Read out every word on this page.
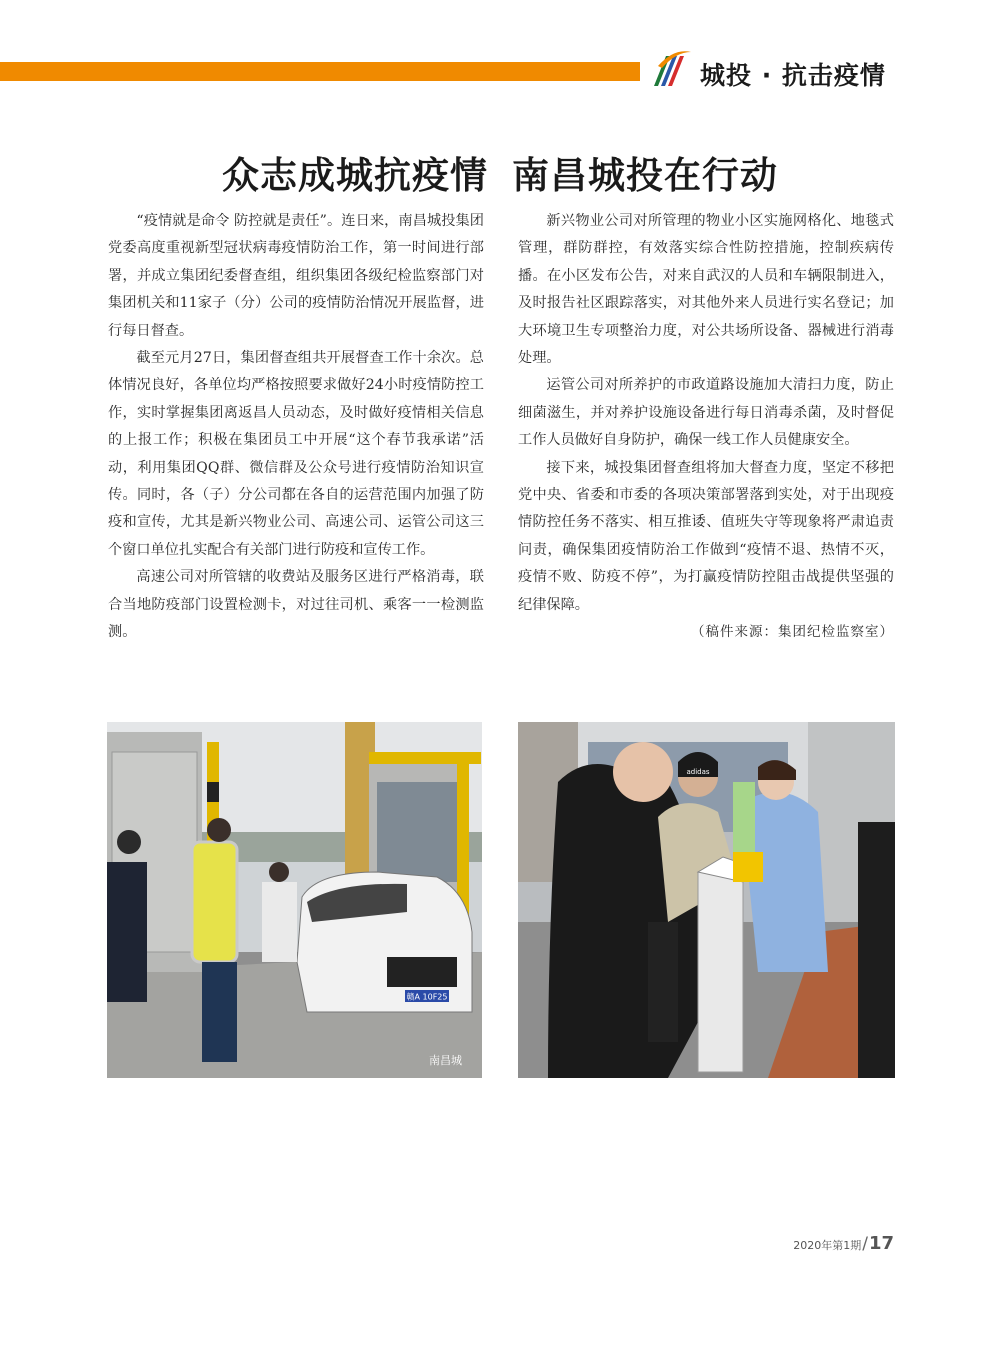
城投 · 抗击疫情
众志成城抗疫情 南昌城投在行动

“疫情就是命令 防控就是责任”。连日来，南昌城投集团党委高度重视新型冠状病毒疫情防治工作，第一时间进行部署，并成立集团纪委督查组，组织集团各级纪检监察部门对集团机关和11家子（分）公司的疫情防治情况开展监督，进行每日督查。

截至元月27日，集团督查组共开展督查工作十余次。总体情况良好，各单位均严格按照要求做好24小时疫情防控工作，实时掌握集团离返昌人员动态，及时做好疫情相关信息的上报工作；积极在集团员工中开展“这个春节我承诺”活动，利用集团QQ群、微信群及公众号进行疫情防治知识宣传。同时，各（子）分公司都在各自的运营范围内加强了防疫和宣传，尤其是新兴物业公司、高速公司、运管公司这三个窗口单位扎实配合有关部门进行防疫和宣传工作。

高速公司对所管辖的收费站及服务区进行严格消毒，联合当地防疫部门设置检测卡，对过往司机、乘客一一检测监测。

新兴物业公司对所管理的物业小区实施网格化、地毯式管理，群防群控，有效落实综合性防控措施，控制疾病传播。在小区发布公告，对来自武汉的人员和车辆限制进入，及时报告社区跟踪落实，对其他外来人员进行实名登记；加大环境卫生专项整治力度，对公共场所设备、器械进行消毒处理。

运管公司对所养护的市政道路设施加大清扫力度，防止细菌滋生，并对养护设施设备进行每日消毒杀菌，及时督促工作人员做好自身防护，确保一线工作人员健康安全。

接下来，城投集团督查组将加大督查力度，坚定不移把党中央、省委和市委的各项决策部署落到实处，对于出现疫情防控任务不落实、相互推诿、值班失守等现象将严肃追责问责，确保集团疫情防治工作做到“疫情不退、热情不灭，疫情不败、防疫不停”，为打赢疫情防控阻击战提供坚强的纪律保障。

（稿件来源：集团纪检监察室）

赣A 10F25
南昌城
adidas
2020年第1期/17
